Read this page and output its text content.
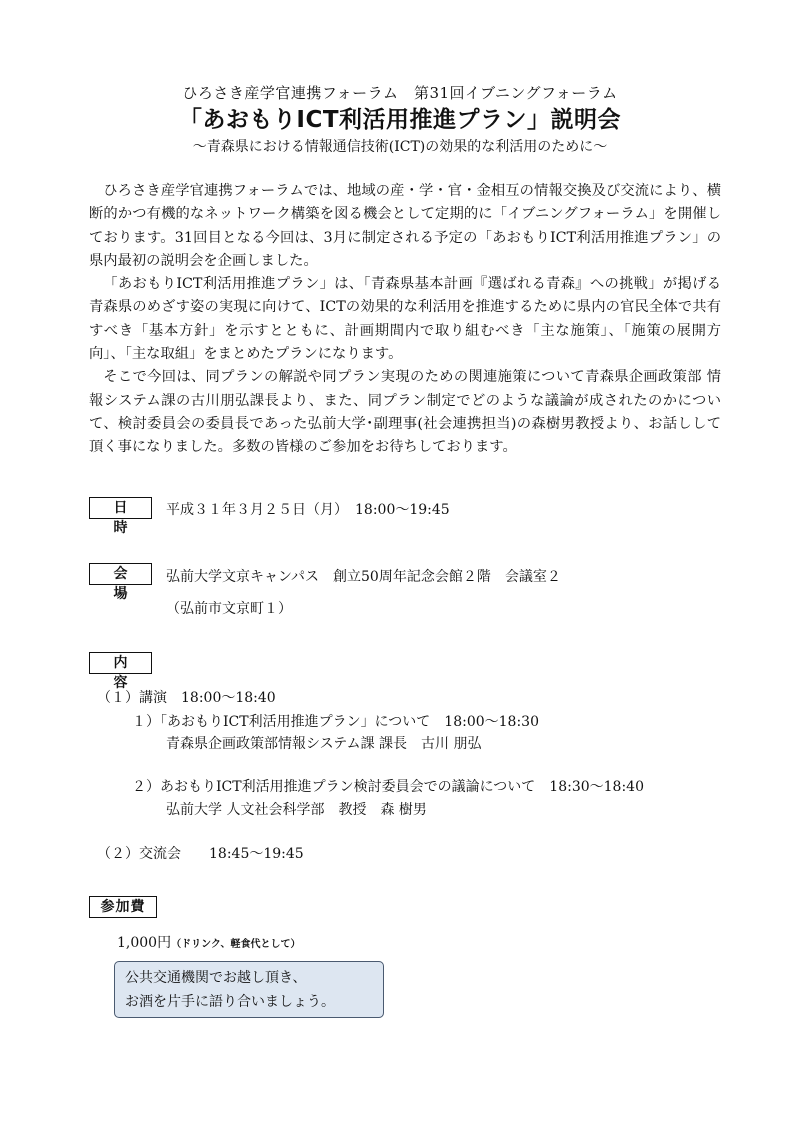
ひろさき産学官連携フォーラム　第31回イブニングフォーラム
「あおもりICT利活用推進プラン」説明会
～青森県における情報通信技術(ICT)の効果的な利活用のために～

ひろさき産学官連携フォーラムでは、地域の産・学・官・金相互の情報交換及び交流により、横断的かつ有機的なネットワーク構築を図る機会として定期的に「イブニングフォーラム」を開催しております。31回目となる今回は、3月に制定される予定の「あおもりICT利活用推進プラン」の県内最初の説明会を企画しました。

「あおもりICT利活用推進プラン」は、「青森県基本計画『選ばれる青森』への挑戦」が掲げる青森県のめざす姿の実現に向けて、ICTの効果的な利活用を推進するために県内の官民全体で共有すべき「基本方針」を示すとともに、計画期間内で取り組むべき「主な施策」、「施策の展開方向」、「主な取組」をまとめたプランになります。

そこで今回は、同プランの解説や同プラン実現のための関連施策について青森県企画政策部 情報システム課の古川朋弘課長より、また、同プラン制定でどのような議論が成されたのかについて、検討委員会の委員長であった弘前大学･副理事(社会連携担当)の森樹男教授より、お話しして頂く事になりました。多数の皆様のご参加をお待ちしております。

日時
平成３１年３月２５日（月）　18:00～19:45
会場
弘前大学文京キャンパス　創立50周年記念会館２階　会議室２
（弘前市文京町１）
内容
（１）講演　18:00～18:40
１）「あおもりICT利活用推進プラン」について　18:00～18:30
青森県企画政策部情報システム課 課長　古川 朋弘
２）あおもりICT利活用推進プラン検討委員会での議論について　18:30～18:40
弘前大学 人文社会科学部　教授　森 樹男
（２）交流会　　18:45～19:45
参加費
1,000円（ドリンク、軽食代として）
公共交通機関でお越し頂き、
お酒を片手に語り合いましょう。
